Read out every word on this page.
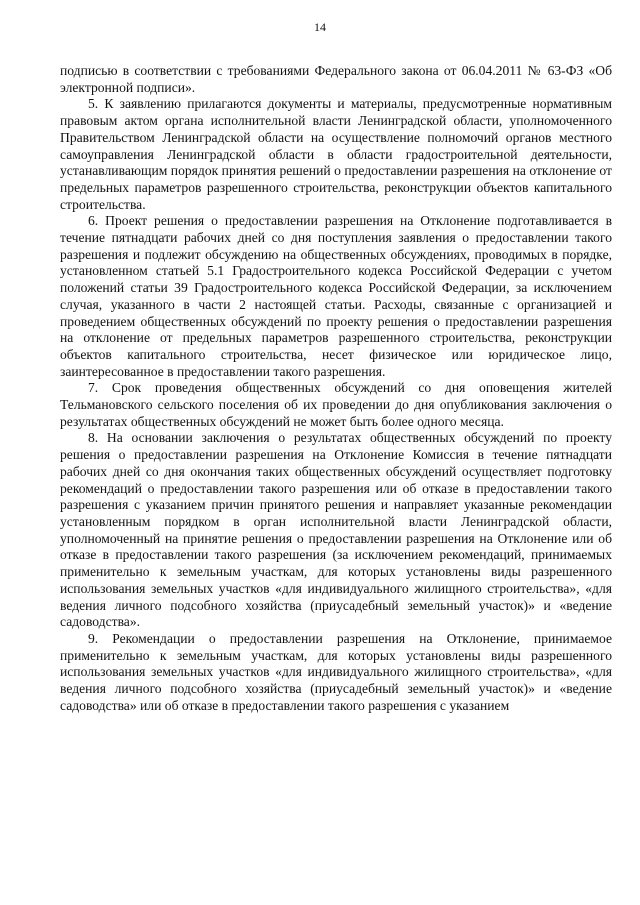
14

подписью в соответствии с требованиями Федерального закона от 06.04.2011 № 63-ФЗ «Об электронной подписи».

5. К заявлению прилагаются документы и материалы, предусмотренные нормативным правовым актом органа исполнительной власти Ленинградской области, уполномоченного Правительством Ленинградской области на осуществление полномочий органов местного самоуправления Ленинградской области в области градостроительной деятельности, устанавливающим порядок принятия решений о предоставлении разрешения на отклонение от предельных параметров разрешенного строительства, реконструкции объектов капитального строительства.

6. Проект решения о предоставлении разрешения на Отклонение подготавливается в течение пятнадцати рабочих дней со дня поступления заявления о предоставлении такого разрешения и подлежит обсуждению на общественных обсуждениях, проводимых в порядке, установленном статьей 5.1 Градостроительного кодекса Российской Федерации с учетом положений статьи 39 Градостроительного кодекса Российской Федерации, за исключением случая, указанного в части 2 настоящей статьи. Расходы, связанные с организацией и проведением общественных обсуждений по проекту решения о предоставлении разрешения на отклонение от предельных параметров разрешенного строительства, реконструкции объектов капитального строительства, несет физическое или юридическое лицо, заинтересованное в предоставлении такого разрешения.

7. Срок проведения общественных обсуждений со дня оповещения жителей Тельмановского сельского поселения об их проведении до дня опубликования заключения о результатах общественных обсуждений не может быть более одного месяца.

8. На основании заключения о результатах общественных обсуждений по проекту решения о предоставлении разрешения на Отклонение Комиссия в течение пятнадцати рабочих дней со дня окончания таких общественных обсуждений осуществляет подготовку рекомендаций о предоставлении такого разрешения или об отказе в предоставлении такого разрешения с указанием причин принятого решения и направляет указанные рекомендации установленным порядком в орган исполнительной власти Ленинградской области, уполномоченный на принятие решения о предоставлении разрешения на Отклонение или об отказе в предоставлении такого разрешения (за исключением рекомендаций, принимаемых применительно к земельным участкам, для которых установлены виды разрешенного использования земельных участков «для индивидуального жилищного строительства», «для ведения личного подсобного хозяйства (приусадебный земельный участок)» и «ведение садоводства».

9. Рекомендации о предоставлении разрешения на Отклонение, принимаемое применительно к земельным участкам, для которых установлены виды разрешенного использования земельных участков «для индивидуального жилищного строительства», «для ведения личного подсобного хозяйства (приусадебный земельный участок)» и «ведение садоводства» или об отказе в предоставлении такого разрешения с указанием
